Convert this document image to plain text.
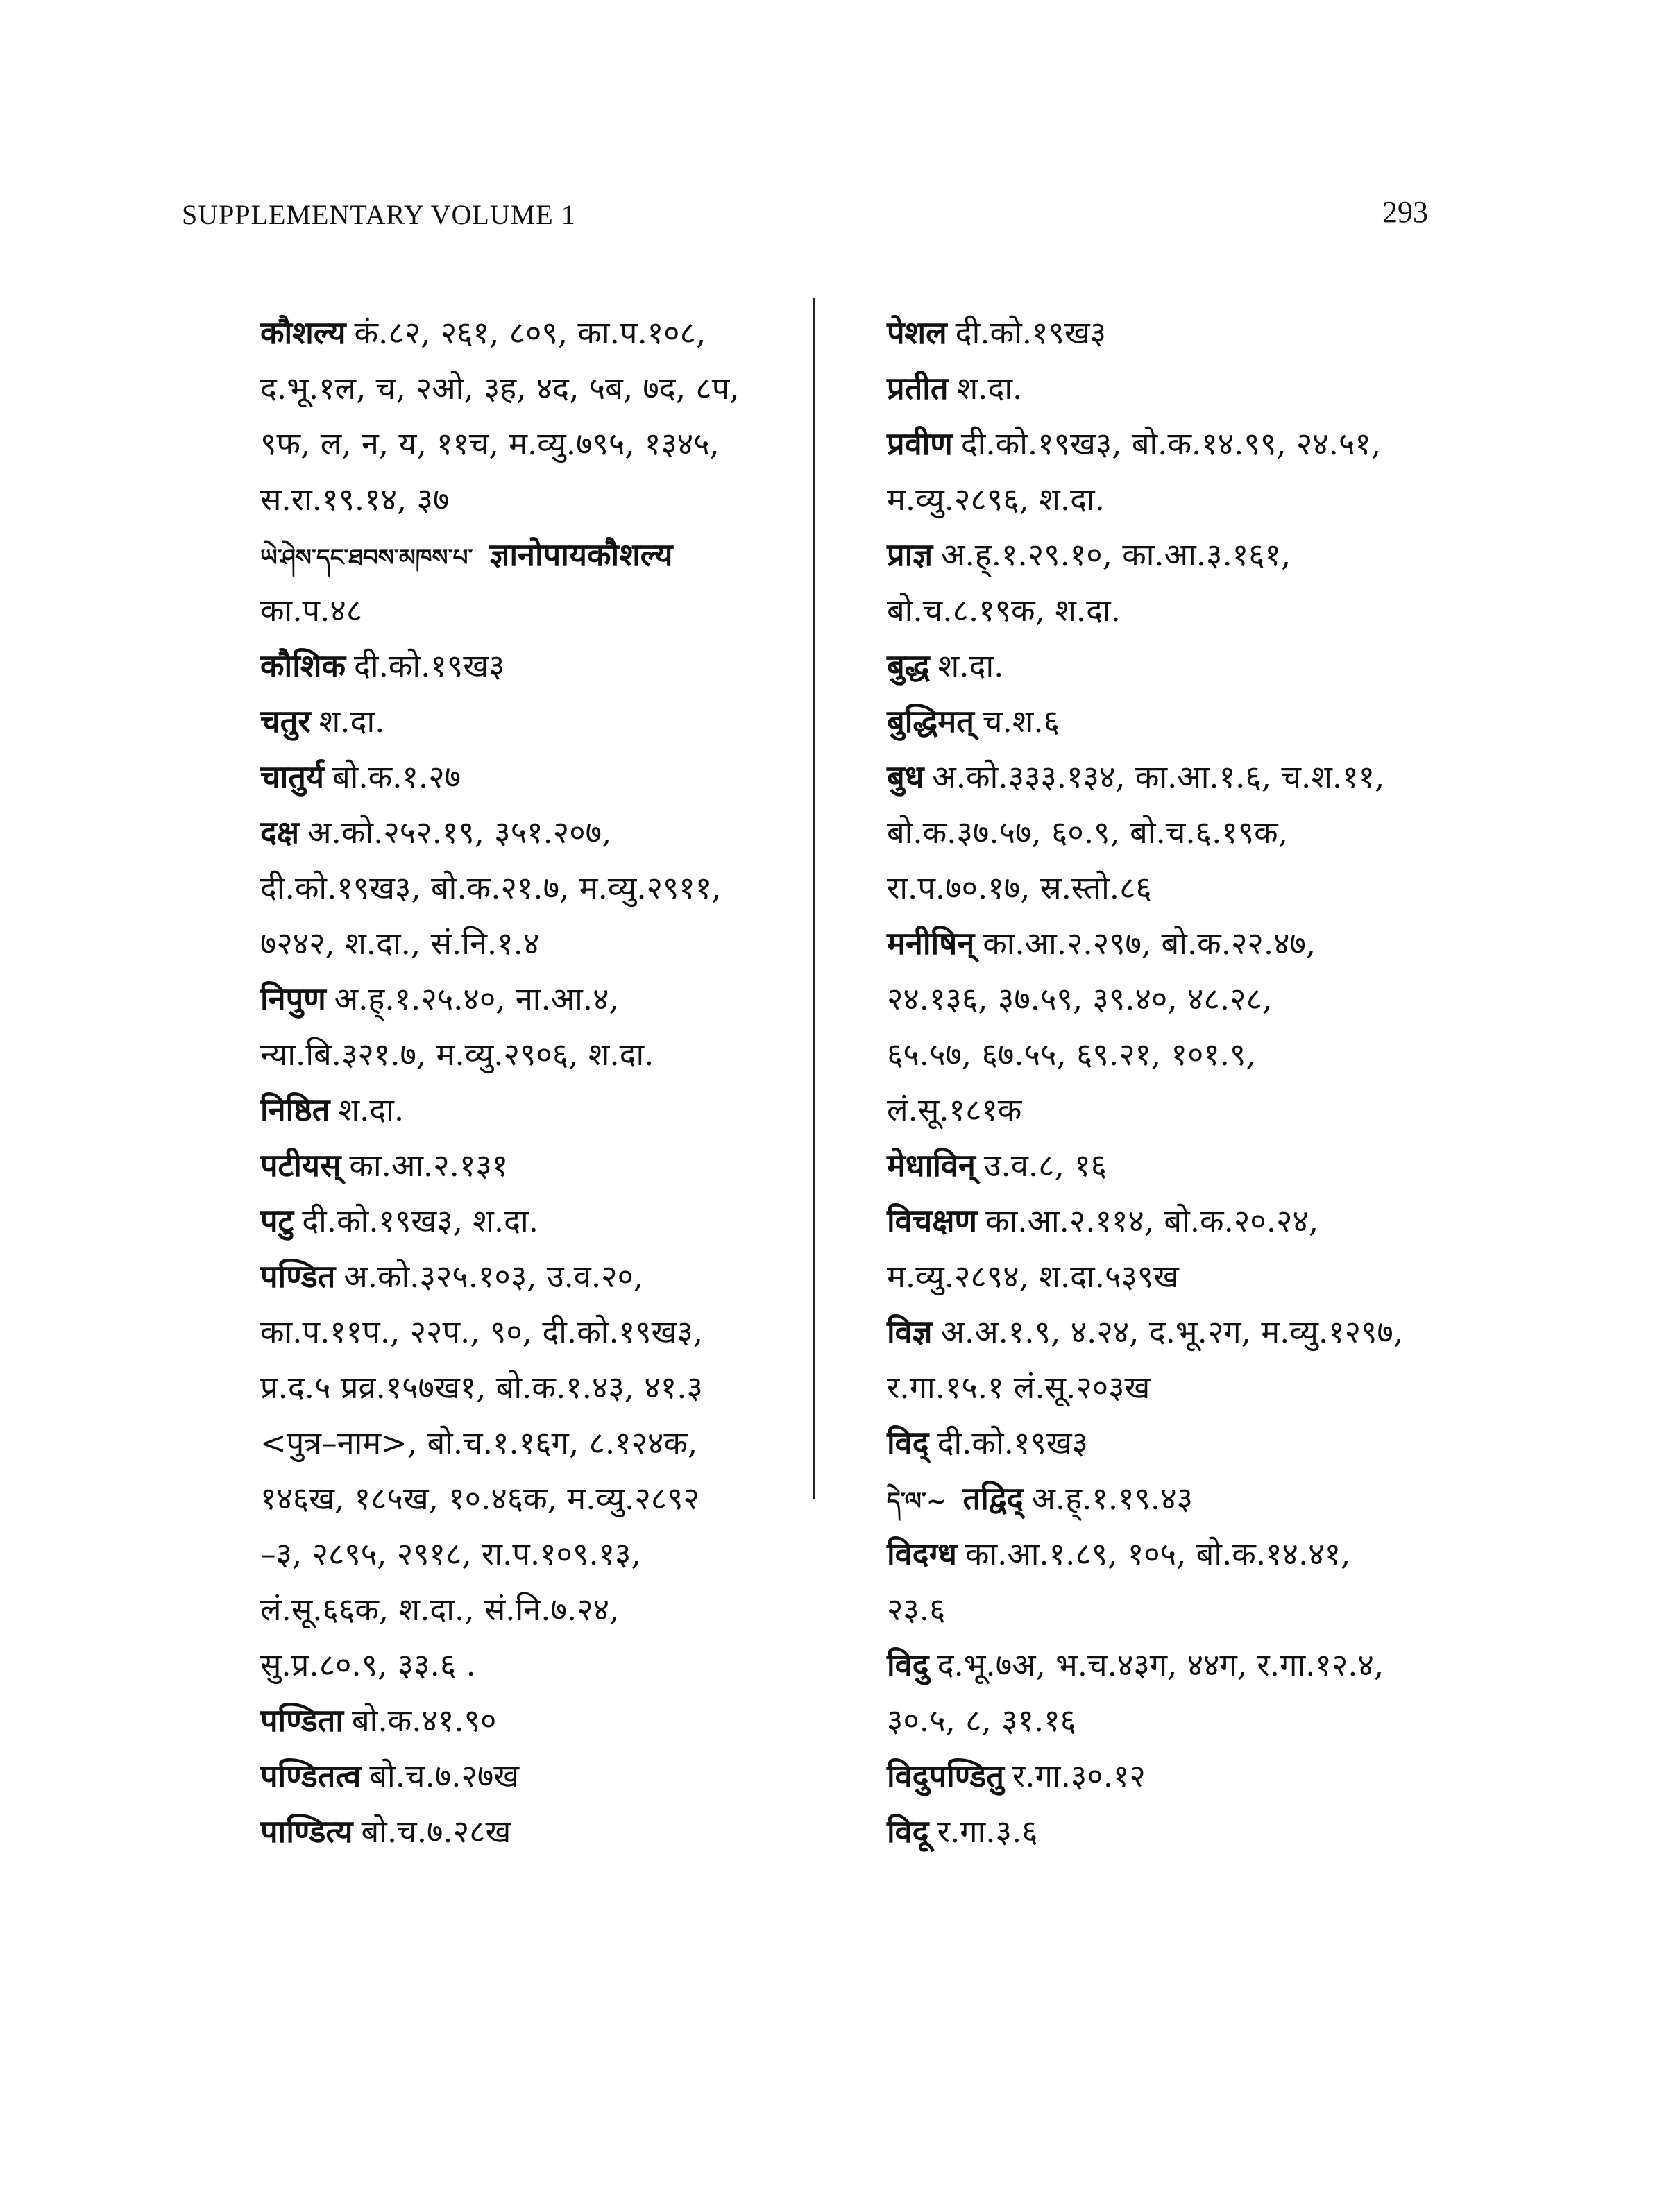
SUPPLEMENTARY VOLUME 1	293
कौशल्य कं.८२, २६१, ८०९, का.प.१०८,
द.भू.१ल, च, २ओ, ३ह, ४द, ५ब, ७द, ८प,
९फ, ल, न, य, ११च, म.व्यु.७९५, १३४५,
स.रा.१९.१४, ३७
ཡེ་ཤེས་དང་ཐབས་མཁས་པ་ ज्ञानोपायकौशल्य
का.प.४८
कौशिक दी.को.१९ख३
चतुर श.दा.
चातुर्य बो.क.१.२७
दक्ष अ.को.२५२.१९, ३५१.२०७,
दी.को.१९ख३, बो.क.२१.७, म.व्यु.२९११,
७२४२, श.दा., सं.नि.१.४
निपुण अ.ह्.१.२५.४०, ना.आ.४,
न्या.बि.३२१.७, म.व्यु.२९०६, श.दा.
निष्ठित श.दा.
पटीयस् का.आ.२.१३१
पटु दी.को.१९ख३, श.दा.
पण्डित अ.को.३२५.१०३, उ.व.२०,
का.प.११प., २२प., ९०, दी.को.१९ख३,
प्र.द.५ प्रव्र.१५७ख१, बो.क.१.४३, ४१.३
<पुत्र–नाम>, बो.च.१.१६ग, ८.१२४क,
१४६ख, १८५ख, १०.४६क, म.व्यु.२८९२
–३, २८९५, २९१८, रा.प.१०९.१३,
लं.सू.६६क, श.दा., सं.नि.७.२४,
सु.प्र.८०.९, ३३.६ .
पण्डिता बो.क.४१.९०
पण्डितत्व बो.च.७.२७ख
पाण्डित्य बो.च.७.२८ख
पेशल दी.को.१९ख३
प्रतीत श.दा.
प्रवीण दी.को.१९ख३, बो.क.१४.९९, २४.५१,
म.व्यु.२८९६, श.दा.
प्राज्ञ अ.ह्.१.२९.१०, का.आ.३.१६१,
बो.च.८.१९क, श.दा.
बुद्ध श.दा.
बुद्धिमत् च.श.६
बुध अ.को.३३३.१३४, का.आ.१.६, च.श.११,
बो.क.३७.५७, ६०.९, बो.च.६.१९क,
रा.प.७०.१७, स्र.स्तो.८६
मनीषिन् का.आ.२.२९७, बो.क.२२.४७,
२४.१३६, ३७.५९, ३९.४०, ४८.२८,
६५.५७, ६७.५५, ६९.२१, १०१.९,
लं.सू.१८१क
मेधाविन् उ.व.८, १६
विचक्षण का.आ.२.११४, बो.क.२०.२४,
म.व्यु.२८९४, श.दा.५३९ख
विज्ञ अ.अ.१.९, ४.२४, द.भू.२ग, म.व्यु.१२९७,
र.गा.१५.१ लं.सू.२०३ख
विद् दी.को.१९ख३
དེ་ལ་~ तद्विद् अ.ह्.१.१९.४३
विदग्ध का.आ.१.८९, १०५, बो.क.१४.४१,
२३.६
विदु द.भू.७अ, भ.च.४३ग, ४४ग, र.गा.१२.४,
३०.५, ८, ३१.१६
विदुपण्डितु र.गा.३०.१२
विदू र.गा.३.६
